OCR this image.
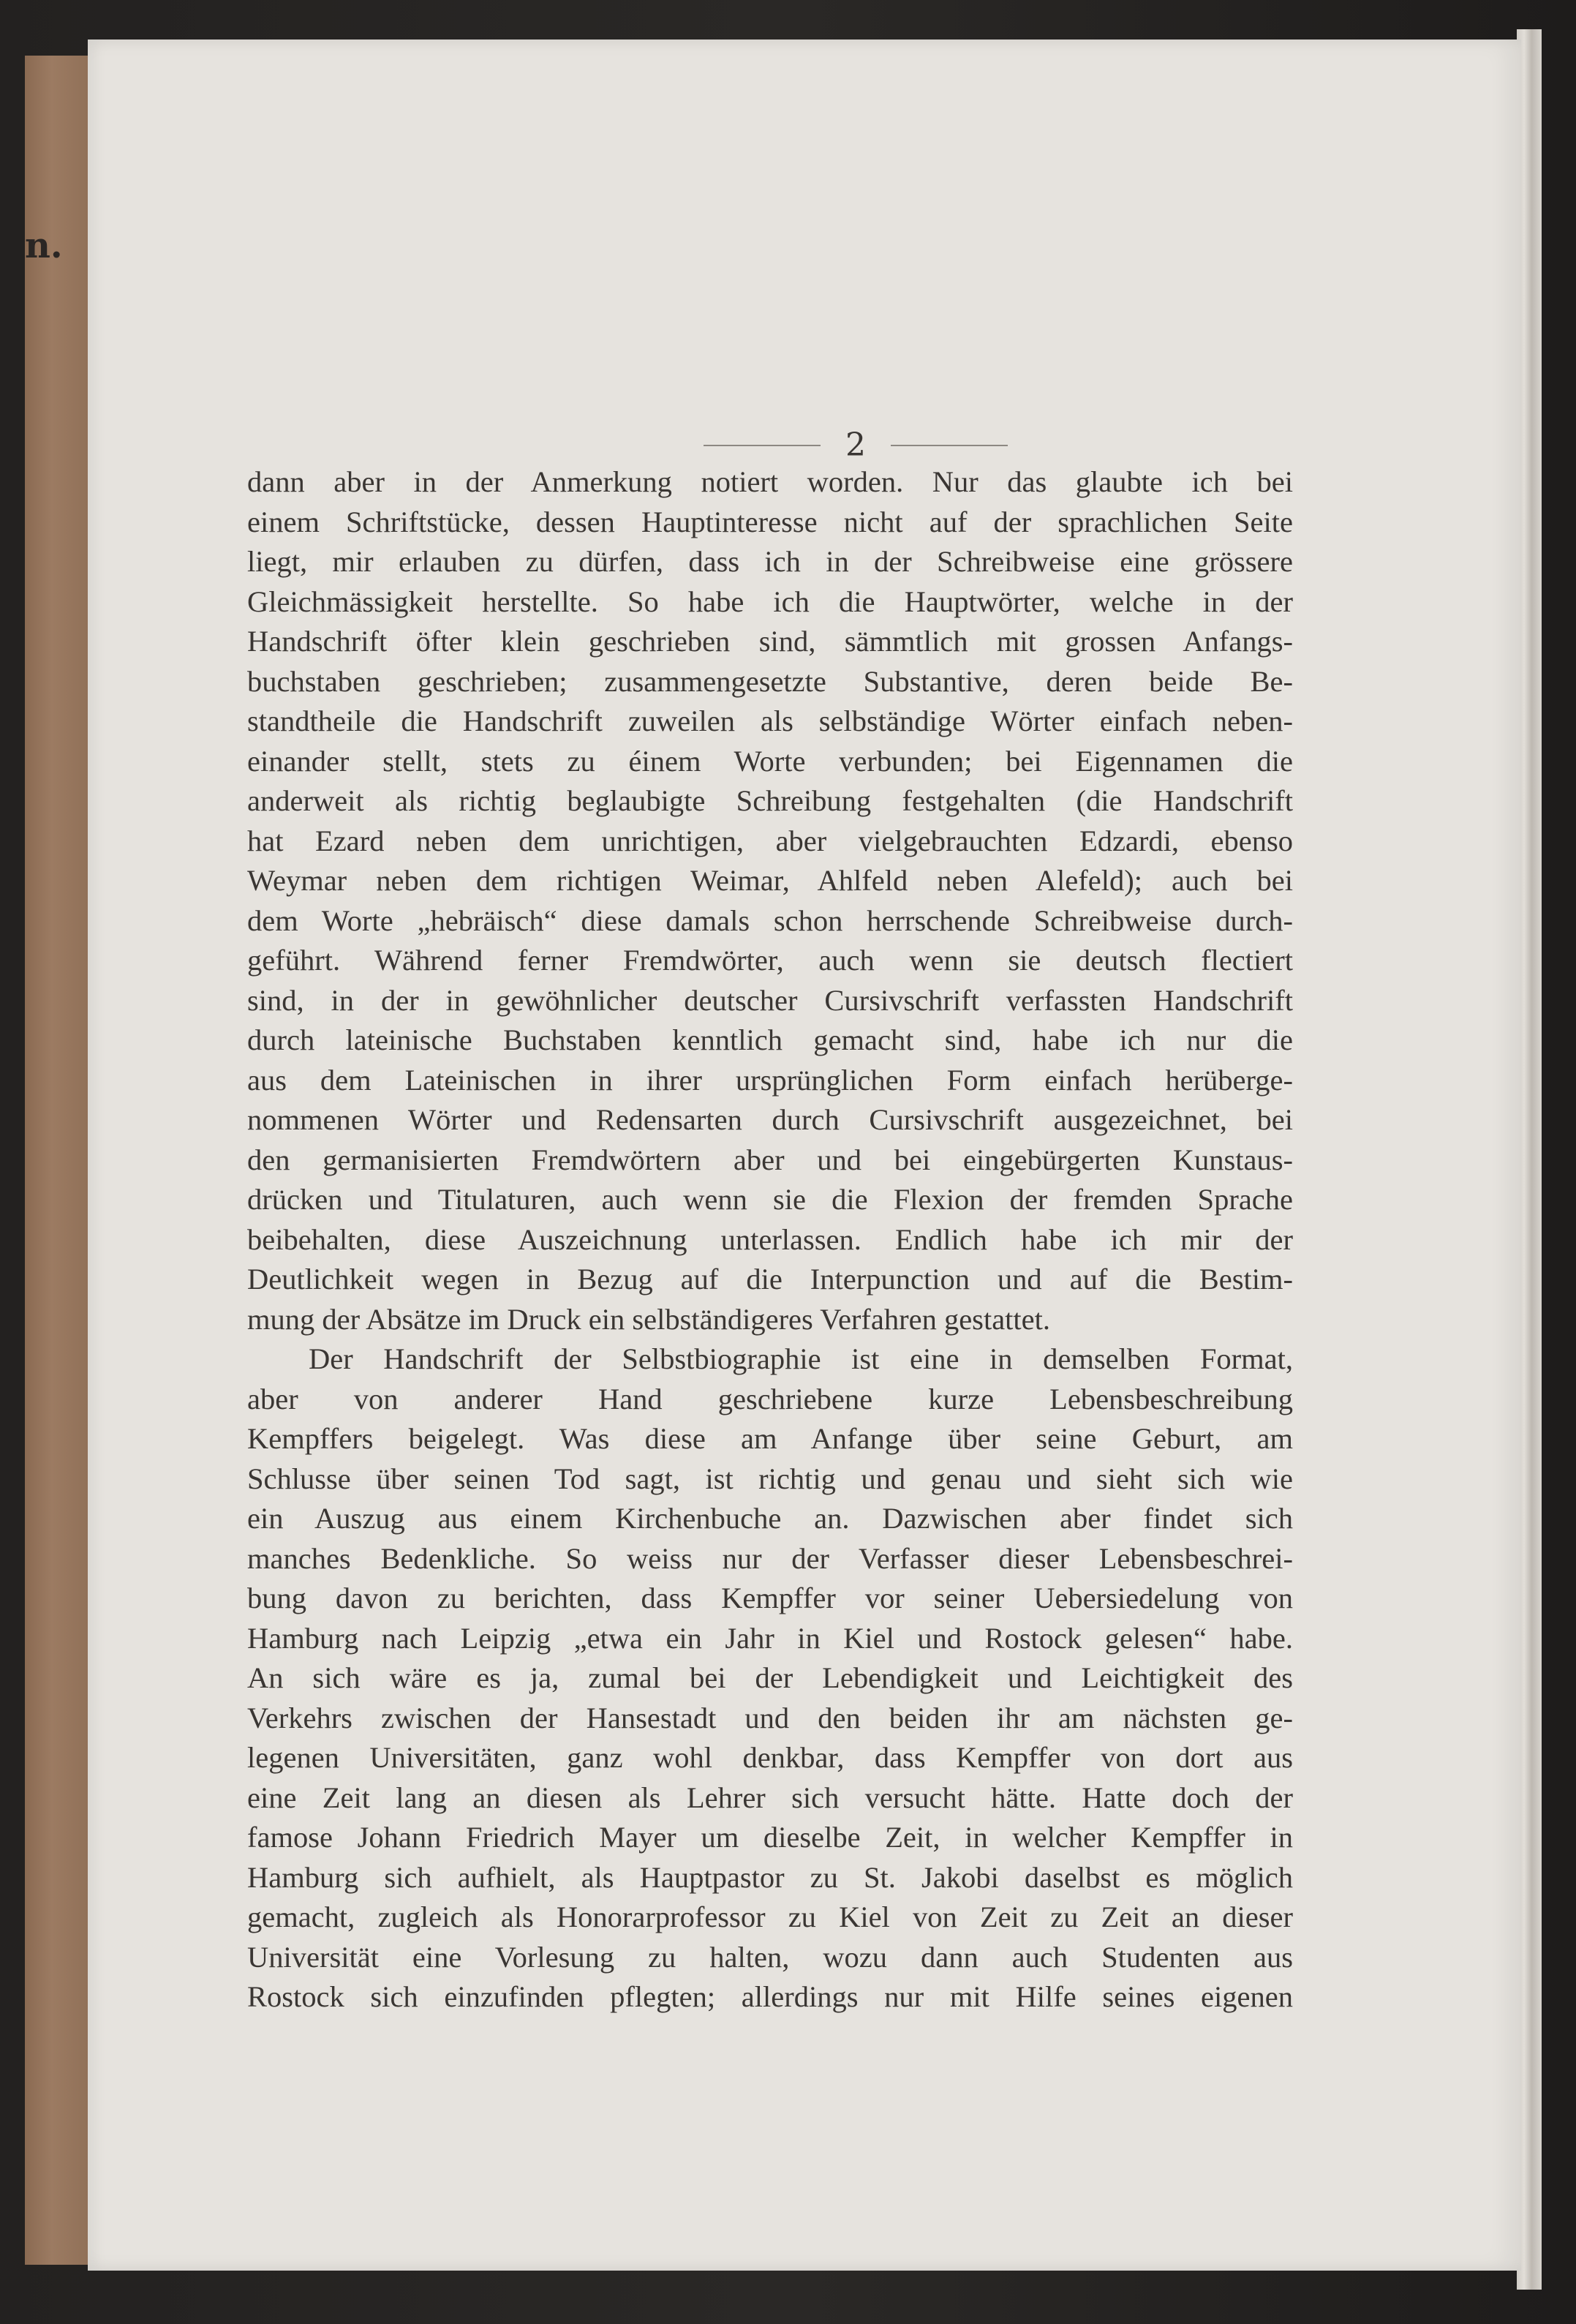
n.
2
dann aber in der Anmerkung notiert worden. Nur das glaubte ich bei
einem Schriftstücke, dessen Hauptinteresse nicht auf der sprachlichen Seite
liegt, mir erlauben zu dürfen, dass ich in der Schreibweise eine grössere
Gleichmässigkeit herstellte. So habe ich die Hauptwörter, welche in der
Handschrift öfter klein geschrieben sind, sämmtlich mit grossen Anfangs-
buchstaben geschrieben; zusammengesetzte Substantive, deren beide Be-
standtheile die Handschrift zuweilen als selbständige Wörter einfach neben-
einander stellt, stets zu éinem Worte verbunden; bei Eigennamen die
anderweit als richtig beglaubigte Schreibung festgehalten (die Handschrift
hat Ezard neben dem unrichtigen, aber vielgebrauchten Edzardi, ebenso
Weymar neben dem richtigen Weimar, Ahlfeld neben Alefeld); auch bei
dem Worte „hebräisch“ diese damals schon herrschende Schreibweise durch-
geführt. Während ferner Fremdwörter, auch wenn sie deutsch flectiert
sind, in der in gewöhnlicher deutscher Cursivschrift verfassten Handschrift
durch lateinische Buchstaben kenntlich gemacht sind, habe ich nur die
aus dem Lateinischen in ihrer ursprünglichen Form einfach herüberge-
nommenen Wörter und Redensarten durch Cursivschrift ausgezeichnet, bei
den germanisierten Fremdwörtern aber und bei eingebürgerten Kunstaus-
drücken und Titulaturen, auch wenn sie die Flexion der fremden Sprache
beibehalten, diese Auszeichnung unterlassen. Endlich habe ich mir der
Deutlichkeit wegen in Bezug auf die Interpunction und auf die Bestim-
mung der Absätze im Druck ein selbständigeres Verfahren gestattet.
Der Handschrift der Selbstbiographie ist eine in demselben Format,
aber von anderer Hand geschriebene kurze Lebensbeschreibung
Kempffers beigelegt. Was diese am Anfange über seine Geburt, am
Schlusse über seinen Tod sagt, ist richtig und genau und sieht sich wie
ein Auszug aus einem Kirchenbuche an. Dazwischen aber findet sich
manches Bedenkliche. So weiss nur der Verfasser dieser Lebensbeschrei-
bung davon zu berichten, dass Kempffer vor seiner Uebersiedelung von
Hamburg nach Leipzig „etwa ein Jahr in Kiel und Rostock gelesen“ habe.
An sich wäre es ja, zumal bei der Lebendigkeit und Leichtigkeit des
Verkehrs zwischen der Hansestadt und den beiden ihr am nächsten ge-
legenen Universitäten, ganz wohl denkbar, dass Kempffer von dort aus
eine Zeit lang an diesen als Lehrer sich versucht hätte. Hatte doch der
famose Johann Friedrich Mayer um dieselbe Zeit, in welcher Kempffer in
Hamburg sich aufhielt, als Hauptpastor zu St. Jakobi daselbst es möglich
gemacht, zugleich als Honorarprofessor zu Kiel von Zeit zu Zeit an dieser
Universität eine Vorlesung zu halten, wozu dann auch Studenten aus
Rostock sich einzufinden pflegten; allerdings nur mit Hilfe seines eigenen
